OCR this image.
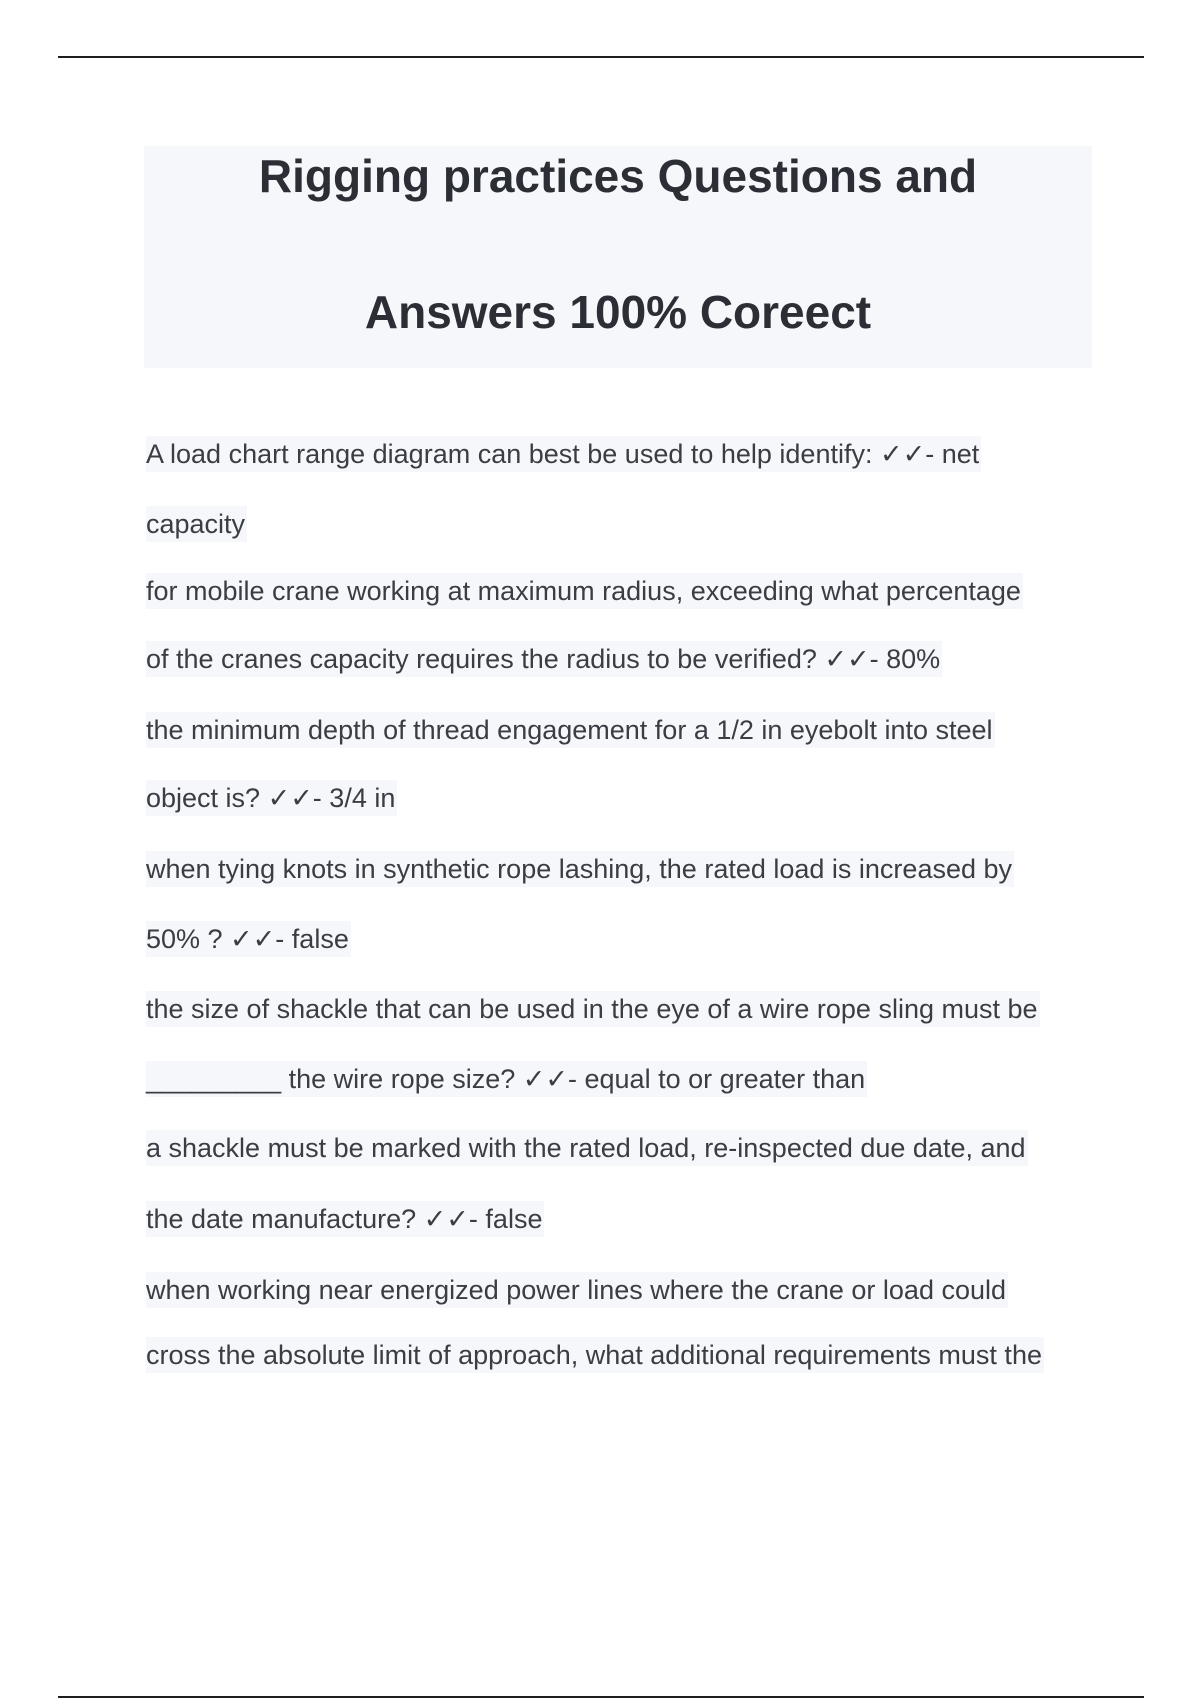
Rigging practices Questions and
Answers 100% Coreect
A load chart range diagram can best be used to help identify: ✓✓- net
capacity
for mobile crane working at maximum radius, exceeding what percentage
of the cranes capacity requires the radius to be verified? ✓✓- 80%
the minimum depth of thread engagement for a 1/2 in eyebolt into steel
object is? ✓✓- 3/4 in
when tying knots in synthetic rope lashing, the rated load is increased by
50% ? ✓✓- false
the size of shackle that can be used in the eye of a wire rope sling must be
_________ the wire rope size? ✓✓- equal to or greater than
a shackle must be marked with the rated load, re-inspected due date, and
the date manufacture? ✓✓- false
when working near energized power lines where the crane or load could
cross the absolute limit of approach, what additional requirements must the
